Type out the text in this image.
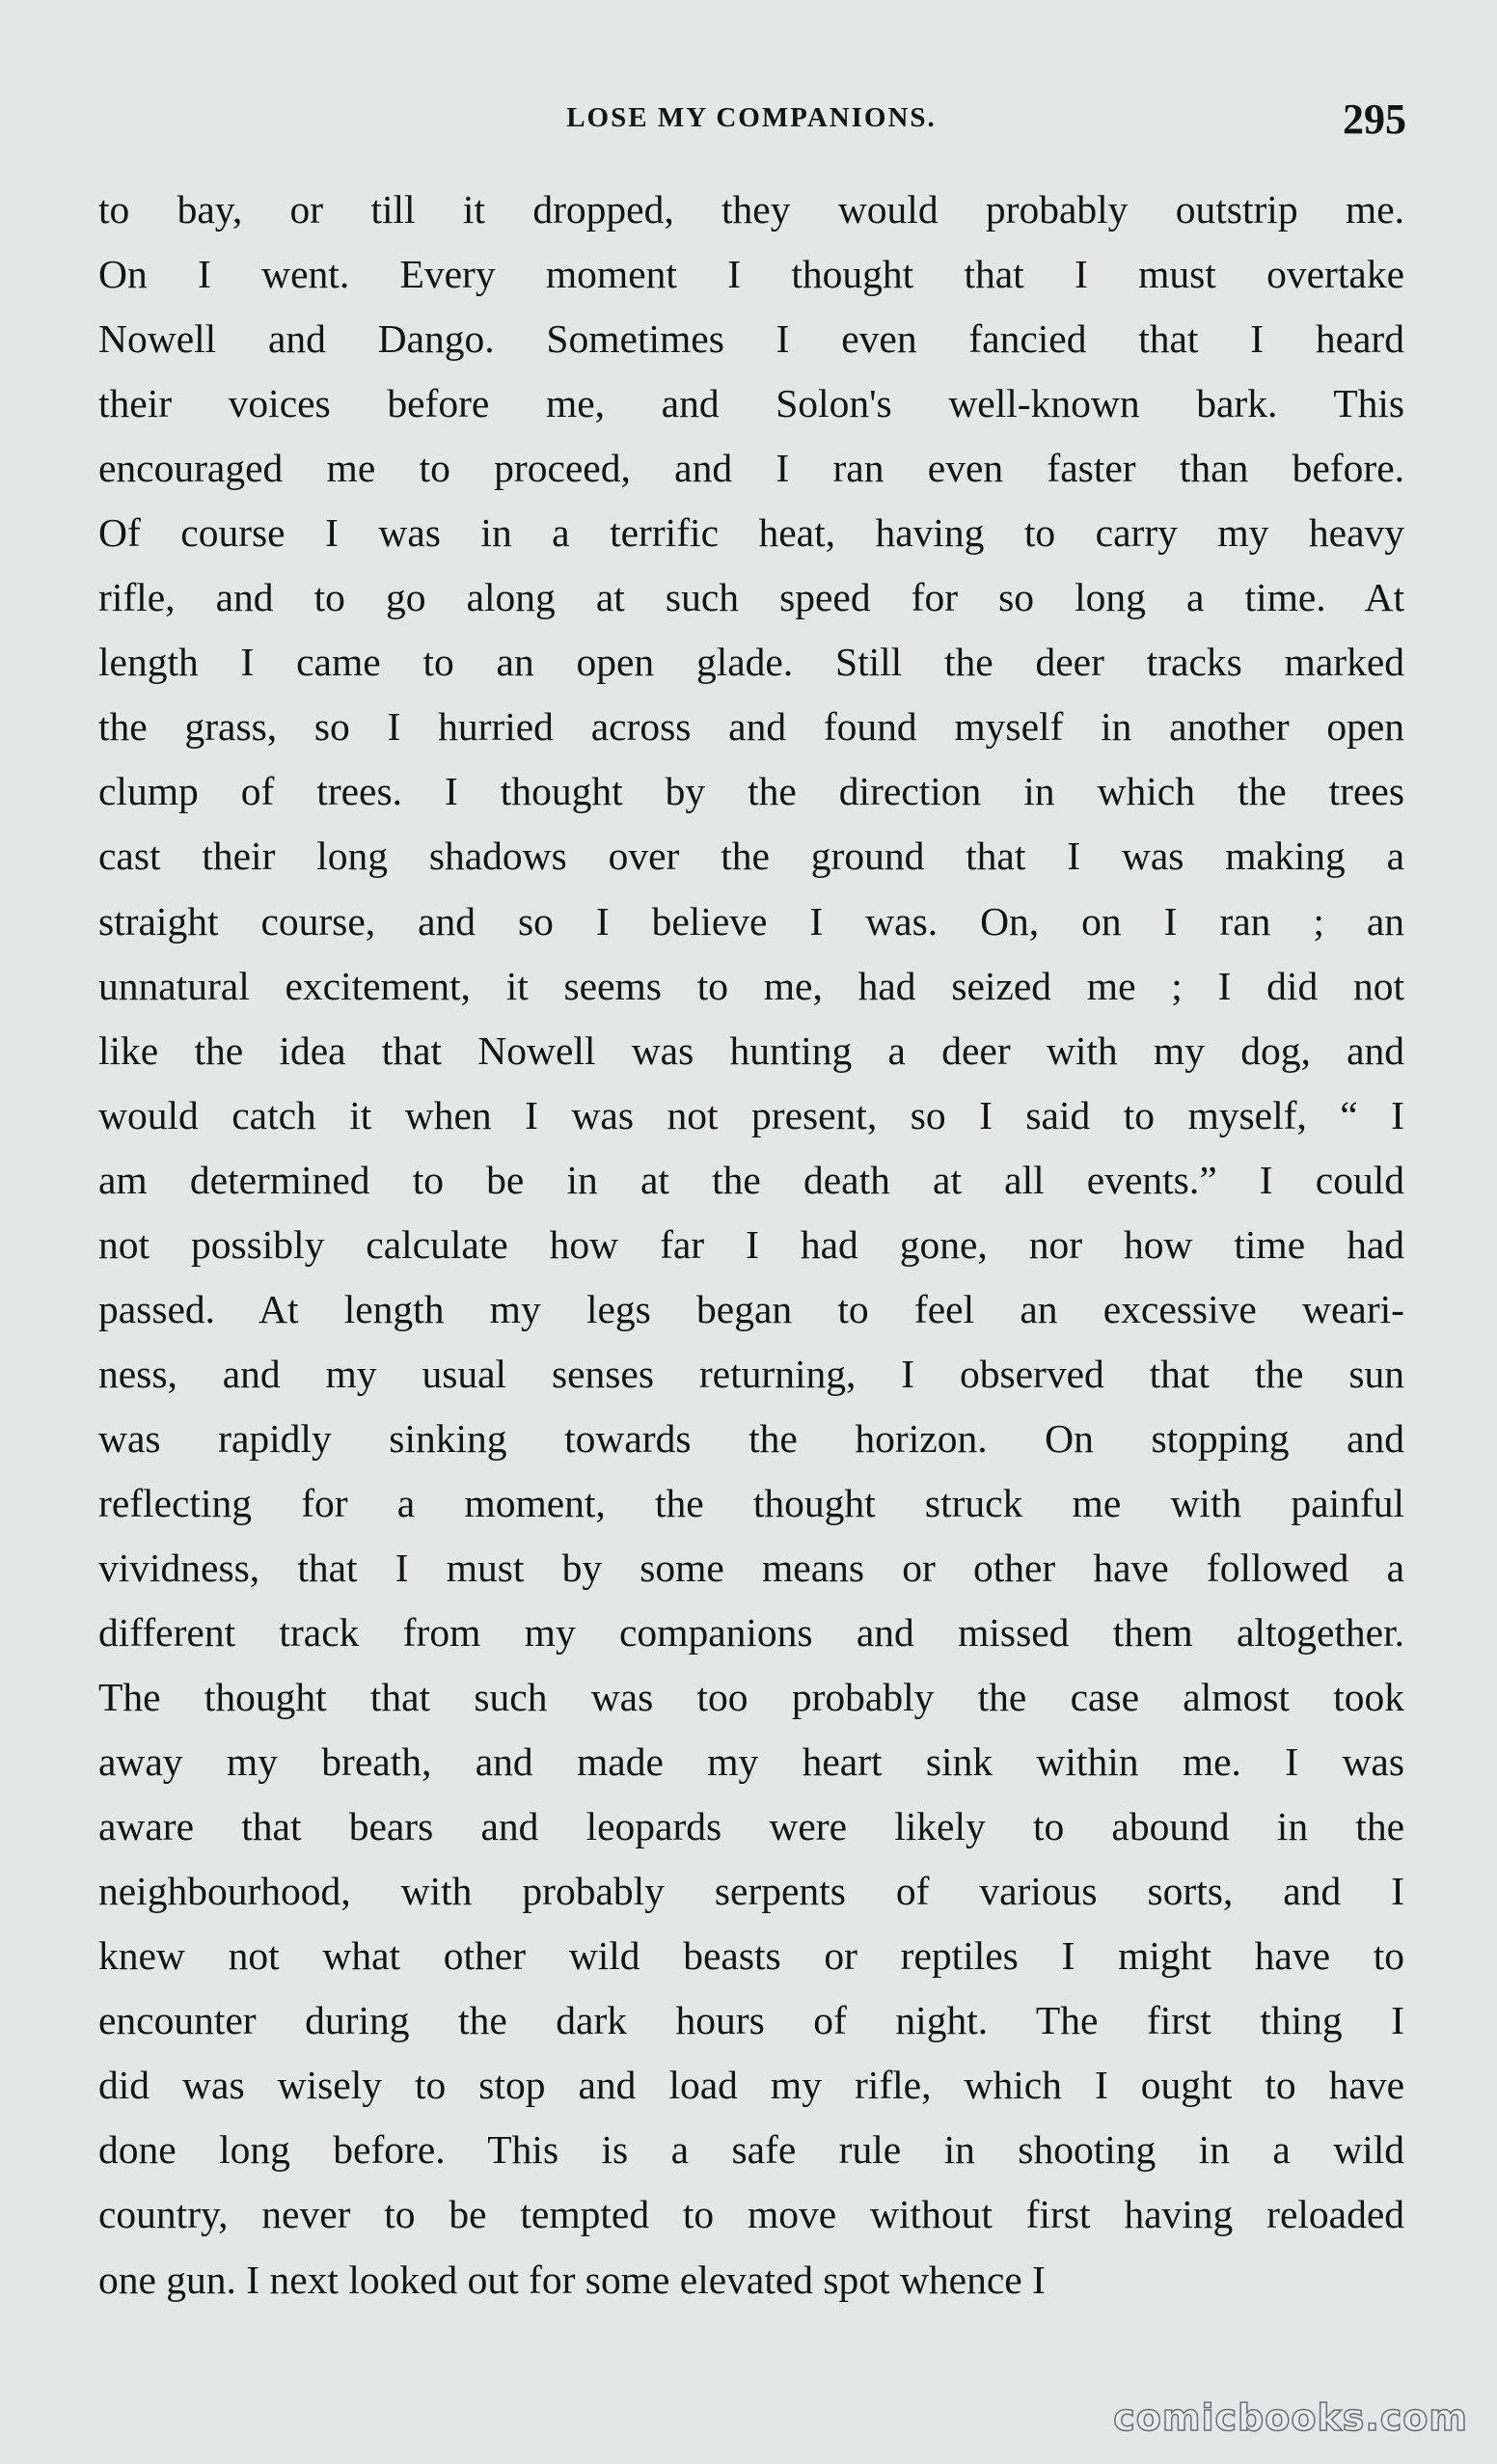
LOSE MY COMPANIONS.	295
to bay, or till it dropped, they would probably outstrip me.
On I went. Every moment I thought that I must overtake
Nowell and Dango. Sometimes I even fancied that I heard
their voices before me, and Solon's well-known bark. This
encouraged me to proceed, and I ran even faster than before.
Of course I was in a terrific heat, having to carry my heavy
rifle, and to go along at such speed for so long a time. At
length I came to an open glade. Still the deer tracks marked
the grass, so I hurried across and found myself in another open
clump of trees. I thought by the direction in which the trees
cast their long shadows over the ground that I was making a
straight course, and so I believe I was. On, on I ran ; an
unnatural excitement, it seems to me, had seized me ; I did not
like the idea that Nowell was hunting a deer with my dog, and
would catch it when I was not present, so I said to myself, “ I
am determined to be in at the death at all events.” I could
not possibly calculate how far I had gone, nor how time had
passed. At length my legs began to feel an excessive weari-
ness, and my usual senses returning, I observed that the sun
was rapidly sinking towards the horizon. On stopping and
reflecting for a moment, the thought struck me with painful
vividness, that I must by some means or other have followed a
different track from my companions and missed them altogether.
The thought that such was too probably the case almost took
away my breath, and made my heart sink within me. I was
aware that bears and leopards were likely to abound in the
neighbourhood, with probably serpents of various sorts, and I
knew not what other wild beasts or reptiles I might have to
encounter during the dark hours of night. The first thing I
did was wisely to stop and load my rifle, which I ought to have
done long before. This is a safe rule in shooting in a wild
country, never to be tempted to move without first having reloaded
one gun. I next looked out for some elevated spot whence I
comicbooks.com
